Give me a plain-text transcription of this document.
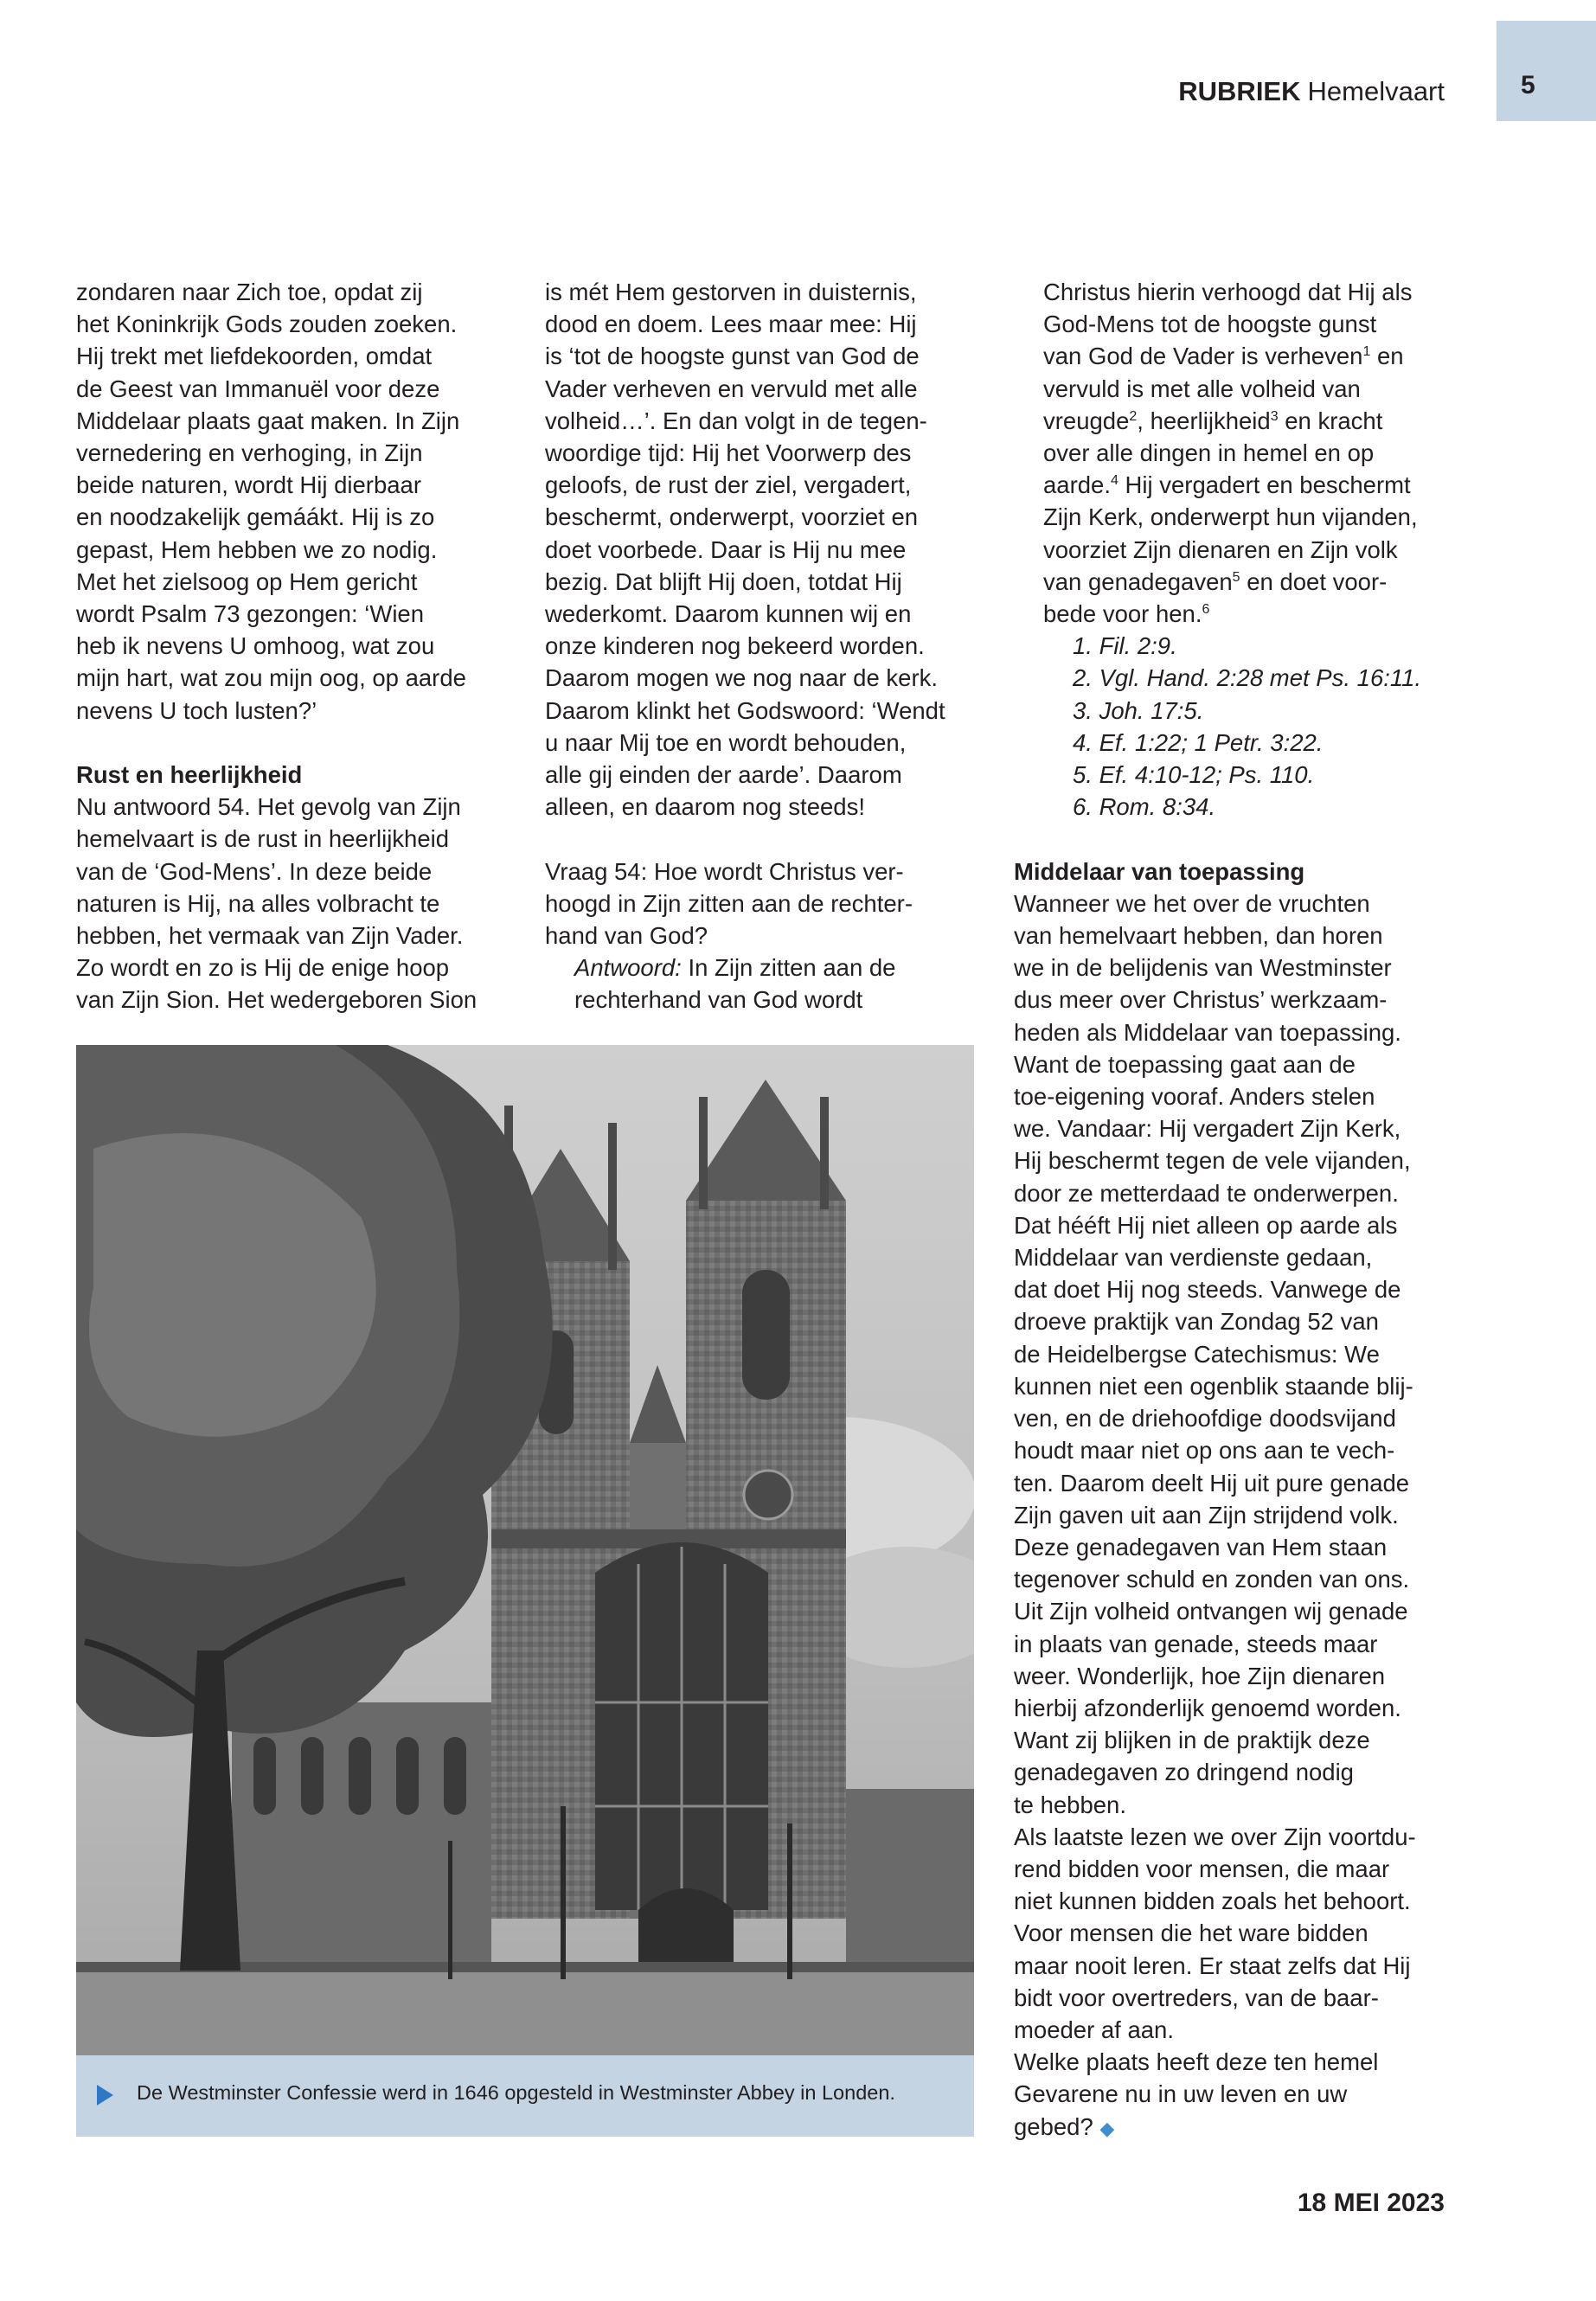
5
RUBRIEK Hemelvaart

zondaren naar Zich toe, opdat zij

het Koninkrijk Gods zouden zoeken.

Hij trekt met liefdekoorden, omdat

de Geest van Immanuël voor deze

Middelaar plaats gaat maken. In Zijn

vernedering en verhoging, in Zijn

beide naturen, wordt Hij dierbaar

en noodzakelijk gemáákt. Hij is zo

gepast, Hem hebben we zo nodig.

Met het zielsoog op Hem gericht

wordt Psalm 73 gezongen: ‘Wien

heb ik nevens U omhoog, wat zou

mijn hart, wat zou mijn oog, op aarde

nevens U toch lusten?’

Rust en heerlijkheid

Nu antwoord 54. Het gevolg van Zijn

hemelvaart is de rust in heerlijkheid

van de ‘God-Mens’. In deze beide

naturen is Hij, na alles volbracht te

hebben, het vermaak van Zijn Vader.

Zo wordt en zo is Hij de enige hoop

van Zijn Sion. Het wedergeboren Sion

is mét Hem gestorven in duisternis,

dood en doem. Lees maar mee: Hij

is ‘tot de hoogste gunst van God de

Vader verheven en vervuld met alle

volheid…’. En dan volgt in de tegen-

woordige tijd: Hij het Voorwerp des

geloofs, de rust der ziel, vergadert,

beschermt, onderwerpt, voorziet en

doet voorbede. Daar is Hij nu mee

bezig. Dat blijft Hij doen, totdat Hij

wederkomt. Daarom kunnen wij en

onze kinderen nog bekeerd worden.

Daarom mogen we nog naar de kerk.

Daarom klinkt het Godswoord: ‘Wendt

u naar Mij toe en wordt behouden,

alle gij einden der aarde’. Daarom

alleen, en daarom nog steeds!

Vraag 54: Hoe wordt Christus ver-

hoogd in Zijn zitten aan de rechter-

hand van God?

Antwoord: In Zijn zitten aan de

rechterhand van God wordt

Christus hierin verhoogd dat Hij als

God-Mens tot de hoogste gunst

van God de Vader is verheven$^1$ en

vervuld is met alle volheid van

vreugde$^2$, heerlijkheid$^3$ en kracht

over alle dingen in hemel en op

aarde.$^4$ Hij vergadert en beschermt

Zijn Kerk, onderwerpt hun vijanden,

voorziet Zijn dienaren en Zijn volk

van genadegaven$^5$ en doet voor-

bede voor hen.$^6$

1. Fil. 2:9.

2. Vgl. Hand. 2:28 met Ps. 16:11.

3. Joh. 17:5.

4. Ef. 1:22; 1 Petr. 3:22.

5. Ef. 4:10-12; Ps. 110.

6. Rom. 8:34.

Middelaar van toepassing

Wanneer we het over de vruchten

van hemelvaart hebben, dan horen

we in de belijdenis van Westminster

dus meer over Christus’ werkzaam-

heden als Middelaar van toepassing.

Want de toepassing gaat aan de

toe-eigening vooraf. Anders stelen

we. Vandaar: Hij vergadert Zijn Kerk,

Hij beschermt tegen de vele vijanden,

door ze metterdaad te onderwerpen.

Dat hééft Hij niet alleen op aarde als

Middelaar van verdienste gedaan,

dat doet Hij nog steeds. Vanwege de

droeve praktijk van Zondag 52 van

de Heidelbergse Catechismus: We

kunnen niet een ogenblik staande blij-

ven, en de driehoofdige doodsvijand

houdt maar niet op ons aan te vech-

ten. Daarom deelt Hij uit pure genade

Zijn gaven uit aan Zijn strijdend volk.

Deze genadegaven van Hem staan

tegenover schuld en zonden van ons.

Uit Zijn volheid ontvangen wij genade

in plaats van genade, steeds maar

weer. Wonderlijk, hoe Zijn dienaren

hierbij afzonderlijk genoemd worden.

Want zij blijken in de praktijk deze

genadegaven zo dringend nodig

te hebben.

Als laatste lezen we over Zijn voortdu-

rend bidden voor mensen, die maar

niet kunnen bidden zoals het behoort.

Voor mensen die het ware bidden

maar nooit leren. Er staat zelfs dat Hij

bidt voor overtreders, van de baar-

moeder af aan.

Welke plaats heeft deze ten hemel

Gevarene nu in uw leven en uw

gebed? ◆

De Westminster Confessie werd in 1646 opgesteld in Westminster Abbey in Londen.
18 MEI 2023
